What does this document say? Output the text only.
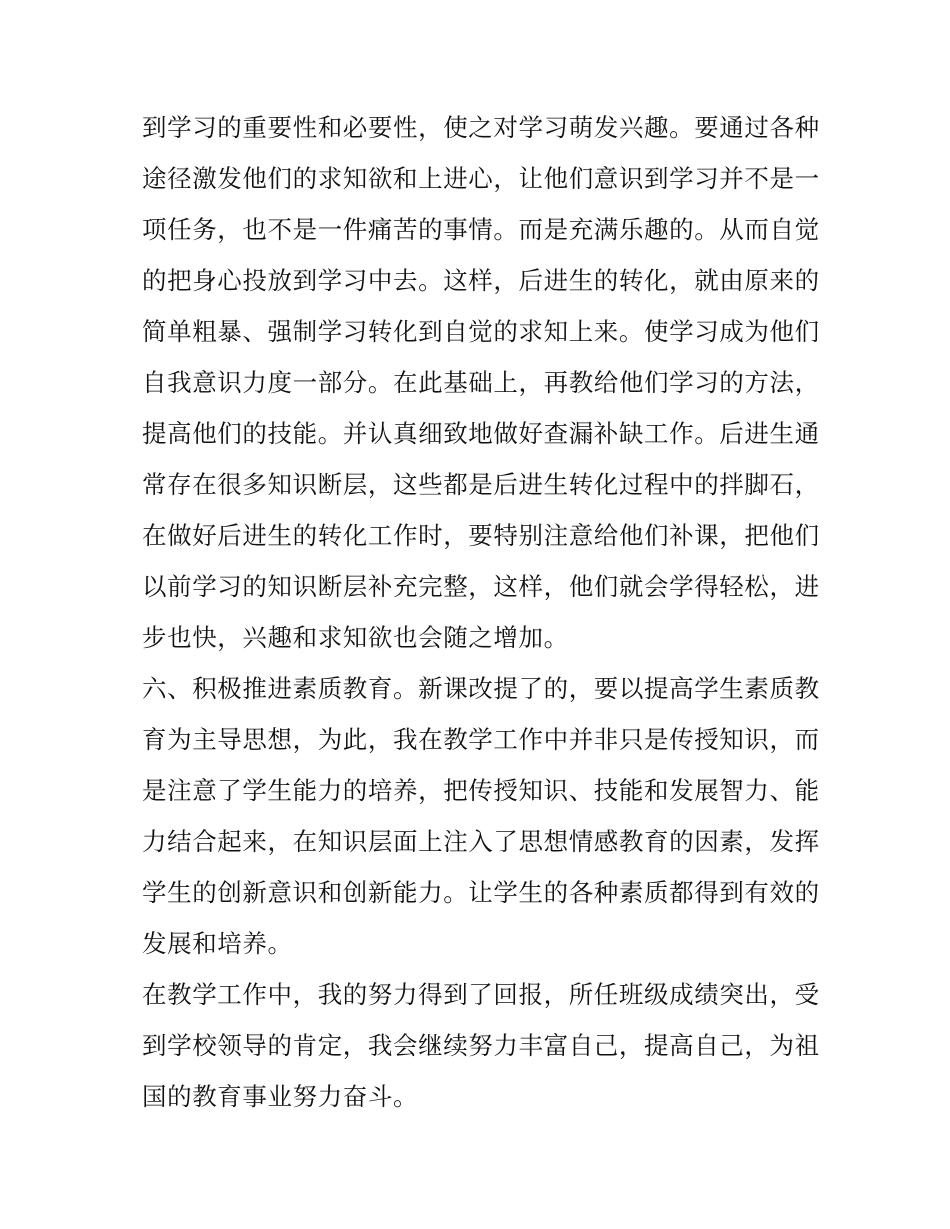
到学习的重要性和必要性，使之对学习萌发兴趣。要通过各种
途径激发他们的求知欲和上进心，让他们意识到学习并不是一
项任务，也不是一件痛苦的事情。而是充满乐趣的。从而自觉
的把身心投放到学习中去。这样，后进生的转化，就由原来的
简单粗暴、强制学习转化到自觉的求知上来。使学习成为他们
自我意识力度一部分。在此基础上，再教给他们学习的方法，
提高他们的技能。并认真细致地做好查漏补缺工作。后进生通
常存在很多知识断层，这些都是后进生转化过程中的拌脚石，
在做好后进生的转化工作时，要特别注意给他们补课，把他们
以前学习的知识断层补充完整，这样，他们就会学得轻松，进
步也快，兴趣和求知欲也会随之增加。
六、积极推进素质教育。新课改提了的，要以提高学生素质教
育为主导思想，为此，我在教学工作中并非只是传授知识，而
是注意了学生能力的培养，把传授知识、技能和发展智力、能
力结合起来，在知识层面上注入了思想情感教育的因素，发挥
学生的创新意识和创新能力。让学生的各种素质都得到有效的
发展和培养。
在教学工作中，我的努力得到了回报，所任班级成绩突出，受
到学校领导的肯定，我会继续努力丰富自己，提高自己，为祖
国的教育事业努力奋斗。
